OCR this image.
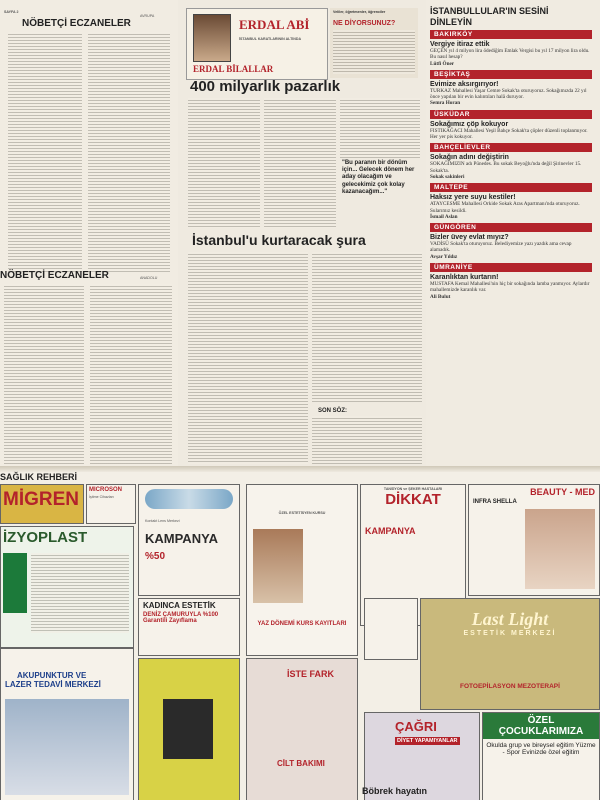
SAYFA 2
AVRUPA
NÖBETÇİ ECZANELER
NÖBETÇİ ECZANELER	ANADOLU
ERDAL ABİ
İSTANBUL KARATLARININ ALTINDA
ERDAL BİLALLAR
Veliler, öğretmenler, öğrenciler
NE DİYORSUNUZ?
400 milyarlık pazarlık
"Bu paranın bir dönüm için... Gelecek dönem her aday olacağım ve gelecekimiz çok kolay kazanacağım..."
İstanbul'u kurtaracak şura
SON SÖZ:
İSTANBULLULAR'IN SESİNİ DİNLEYİN
BAKIRKÖY
Vergiye itiraz ettik
GEÇEN yıl 4 milyon lira ödediğim Emlak Vergisi bu yıl 17 milyon lira oldu. Bu nasıl hesap?
Lütfi Öner
BEŞİKTAŞ
Evimize aksırgırıyor!
TURKAZ Mahallesi Yaşar Cemre Sokak'ta oturuyoruz. Sokağımızda 22 yıl önce yapılan bir evin kalıntıları halâ duruyor.
Semra Horan
ÜSKÜDAR
Sokağımız çöp kokuyor
FISTIKAĞACI Mahallesi Yeşil Bahçe Sokak'ta çöpler düzenli toplanmıyor. Her yer pis kokuyor.
BAHÇELİEVLER
Sokağın adını değiştirin
SOKAĞIMIZIN adı Pünedes. Bu sokak Beyoğlu'nda değil Şirinevler 15. Sokak'ta.
Sokak sakinleri
MALTEPE
Haksız yere suyu kestiler!
ATAYCESME Mahallesi Orkide Sokak Aras Apartmanı'nda oturuyoruz. Sularımız kesildi.
İsmail Aslan
GÜNGÖREN
Bizler üvey evlat mıyız?
VADİSÜ Sokak'ta oturuyoruz. Belediyemize yazı yazdık ama cevap alamadık.
Avşar Yıldız
ÜMRANİYE
Karanlıktan kurtarın!
MUSTAFA Kemal Mahallesi'nin hiç bir sokağında lamba yanmıyor. Aylardır mahallemizde karanlık var.
Ali Bulut
SAĞLIK REHBERİ
MİGREN	MICROSON
İşitme Cihazları
İZYOPLAST
AKUPUNKTUR VE
LAZER TEDAVİ MERKEZİ
KAMPANYA
Kontakt Lens Merkezi
%50
KADINCA ESTETİK
DENİZ ÇAMURUYLA %100 Garantili Zayıflama
ÖZEL ESTETİSYEN KURSU
YAZ DÖNEMİ KURS KAYITLARI
İSTE FARK
CİLT BAKIMI
TANSİYON ve ŞEKER HASTALARI
DİKKAT
KAMPANYA
BEAUTY - MED
INFRA SHELLA
Last Light
ESTETİK MERKEZİ
FOTOEPİLASYON MEZOTERAPİ
ÇAĞRI
DİYET YAPAMIYANLAR
ÖZEL ÇOCUKLARIMIZA
Okulda grup ve bireysel eğitim Yüzme - Spor Evinizde özel eğitim
Böbrek hayatın
